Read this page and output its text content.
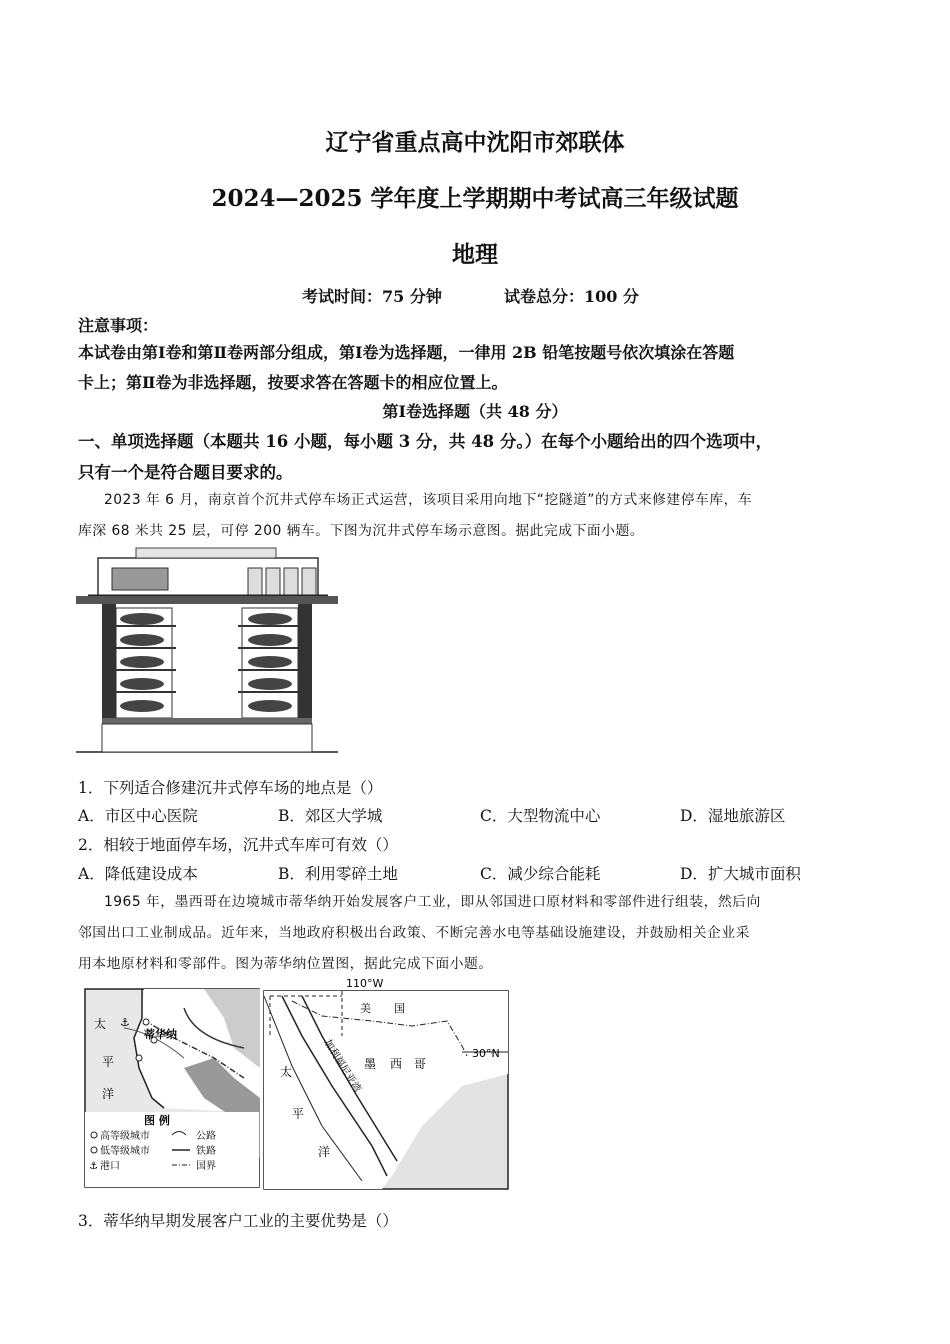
辽宁省重点高中沈阳市郊联体
2024—2025 学年度上学期期中考试高三年级试题
地理
考试时间：75 分钟	试卷总分：100 分
注意事项：
本试卷由第Ⅰ卷和第Ⅱ卷两部分组成，第Ⅰ卷为选择题，一律用 2B 铅笔按题号依次填涂在答题
卡上；第Ⅱ卷为非选择题，按要求答在答题卡的相应位置上。
第Ⅰ卷选择题（共 48 分）
一、单项选择题（本题共 16 小题，每小题 3 分，共 48 分。）在每个小题给出的四个选项中，
只有一个是符合题目要求的。
2023 年 6 月，南京首个沉井式停车场正式运营，该项目采用向地下“挖隧道”的方式来修建停车库，车
库深 68 米共 25 层，可停 200 辆车。下图为沉井式停车场示意图。据此完成下面小题。
1．下列适合修建沉井式停车场的地点是（）
A．市区中心医院	B．郊区大学城	C．大型物流中心	D．湿地旅游区
2．相较于地面停车场，沉井式车库可有效（）
A．降低建设成本	B．利用零碎土地	C．减少综合能耗	D．扩大城市面积
1965 年，墨西哥在边境城市蒂华纳开始发展客户工业，即从邻国进口原材料和零部件进行组装，然后向
邻国出口工业制成品。近年来，当地政府积极出台政策、不断完善水电等基础设施建设，并鼓励相关企业采
用本地原材料和零部件。图为蒂华纳位置图，据此完成下面小题。
⚓
蒂华纳
太
平
洋
图 例
高等级城市
低等级城市
⚓ 港口
公路
铁路
国界
110°W
30°N
美 国
墨 西 哥
太
平
洋
加利福尼亚湾
3．蒂华纳早期发展客户工业的主要优势是（）
